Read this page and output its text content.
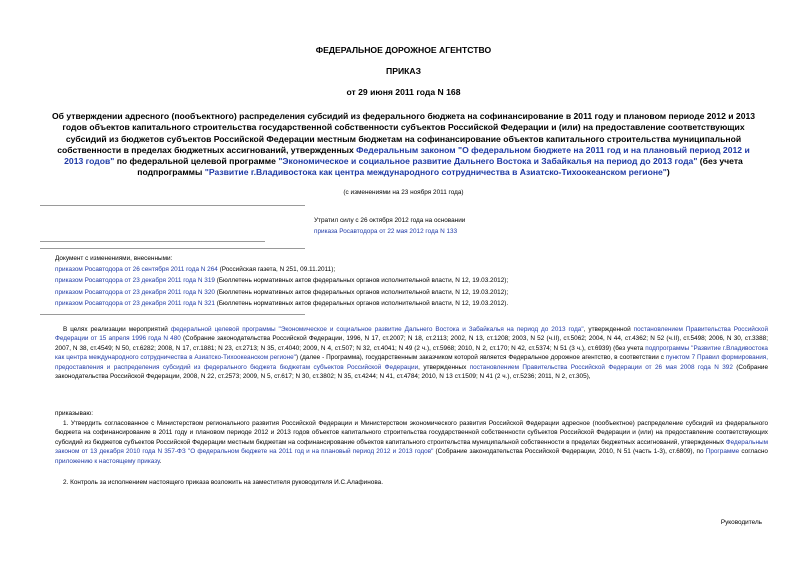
ФЕДЕРАЛЬНОЕ ДОРОЖНОЕ АГЕНТСТВО
ПРИКАЗ
от 29 июня 2011 года N 168
Об утверждении адресного (пообъектного) распределения субсидий из федерального бюджета на софинансирование в 2011 году и плановом периоде 2012 и 2013 годов объектов капитального строительства государственной собственности субъектов Российской Федерации и (или) на предоставление соответствующих субсидий из бюджетов субъектов Российской Федерации местным бюджетам на софинансирование объектов капитального строительства муниципальной собственности в пределах бюджетных ассигнований, утвержденных Федеральным законом "О федеральном бюджете на 2011 год и на плановый период 2012 и 2013 годов" по федеральной целевой программе "Экономическое и социальное развитие Дальнего Востока и Забайкалья на период до 2013 года" (без учета подпрограммы "Развитие г.Владивостока как центра международного сотрудничества в Азиатско-Тихоокеанском регионе")
(с изменениями на 23 ноября 2011 года)
Утратил силу с 26 октября 2012 года на основании
приказа Росавтодора от 22 мая 2012 года N 133
Документ с изменениями, внесенными:
приказом Росавтодора от 26 сентября 2011 года N 264 (Российская газета, N 251, 09.11.2011);
приказом Росавтодора от 23 декабря 2011 года N 319 (Бюллетень нормативных актов федеральных органов исполнительной власти, N 12, 19.03.2012);
приказом Росавтодора от 23 декабря 2011 года N 320 (Бюллетень нормативных актов федеральных органов исполнительной власти, N 12, 19.03.2012);
приказом Росавтодора от 23 декабря 2011 года N 321 (Бюллетень нормативных актов федеральных органов исполнительной власти, N 12, 19.03.2012).
В целях реализации мероприятий федеральной целевой программы "Экономическое и социальное развитие Дальнего Востока и Забайкалья на период до 2013 года", утвержденной постановлением Правительства Российской Федерации от 15 апреля 1996 года N 480 (Собрание законодательства Российской Федерации, 1996, N 17, ст.2007; N 18, ст.2113; 2002, N 13, ст.1208; 2003, N 52 (ч.II), ст.5062; 2004, N 44, ст.4362; N 52 (ч.II), ст.5498; 2006, N 30, ст.3388; 2007, N 38, ст.4549; N 50, ст.6282; 2008, N 17, ст.1881; N 23, ст.2713; N 35, ст.4040; 2009, N 4, ст.507; N 32, ст.4041; N 49 (2 ч.), ст.5968; 2010, N 2, ст.170; N 42, ст.5374; N 51 (3 ч.), ст.6939) (без учета подпрограммы "Развитие г.Владивостока как центра международного сотрудничества в Азиатско-Тихоокеанском регионе") (далее - Программа), государственным заказчиком которой является Федеральное дорожное агентство, в соответствии с пунктом 7 Правил формирования, предоставления и распределения субсидий из федерального бюджета бюджетам субъектов Российской Федерации, утвержденных постановлением Правительства Российской Федерации от 26 мая 2008 года N 392 (Собрание законодательства Российской Федерации, 2008, N 22, ст.2573; 2009, N 5, ст.617; N 30, ст.3802; N 35, ст.4244; N 41, ст.4784; 2010, N 13 ст.1509; N 41 (2 ч.), ст.5236; 2011, N 2, ст.305),
приказываю:
1. Утвердить согласованное с Министерством регионального развития Российской Федерации и Министерством экономического развития Российской Федерации адресное (пообъектное) распределение субсидий из федерального бюджета на софинансирование в 2011 году и плановом периоде 2012 и 2013 годов объектов капитального строительства государственной собственности субъектов Российской Федерации и (или) на предоставление соответствующих субсидий из бюджетов субъектов Российской Федерации местным бюджетам на софинансирование объектов капитального строительства муниципальной собственности в пределах бюджетных ассигнований, утвержденных Федеральным законом от 13 декабря 2010 года N 357-ФЗ "О федеральном бюджете на 2011 год и на плановый период 2012 и 2013 годов" (Собрание законодательства Российской Федерации, 2010, N 51 (часть 1-3), ст.6809), по Программе согласно приложению к настоящему приказу.
2. Контроль за исполнением настоящего приказа возложить на заместителя руководителя И.С.Алафинова.
Руководитель
